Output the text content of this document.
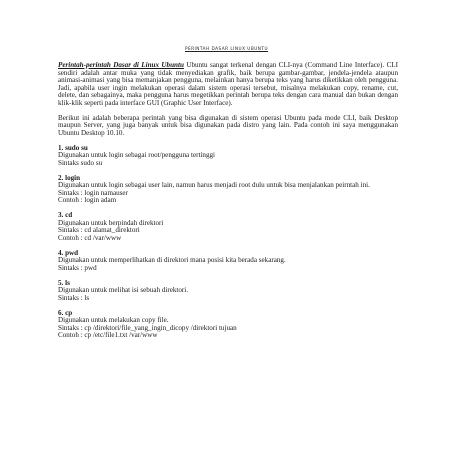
PERINTAH DASAR LINUX UBUNTU

Perintah-perintah Dasar di Linux Ubuntu Ubuntu sangat terkenal dengan CLI-nya (Command Line Interface). CLI sendiri adalah antar muka yang tidak menyediakan grafik, baik berupa gambar-gambar, jendela-jendela ataupun animasi-animasi yang bisa memanjakan pengguna, melainkan hanya berupa teks yang harus diketikkan oleh pengguna. Jadi, apabila user ingin melakukan operasi dalam sistem operasi tersebut, misalnya melakukan copy, rename, cut, delete, dan sebagainya, maka pengguna harus megetikkan perintah berupa teks dengan cara manual dan bukan dengan klik-klik seperti pada interface GUI (Graphic User Interface).

Berikut ini adalah beberapa perintah yang bisa digunakan di sistem operasi Ubuntu pada mode CLI, baik Desktop maupun Server, yang juga banyak untuk bisa digunakan pada distro yang lain. Pada contoh ini saya menggunakan Ubuntu Desktop 10.10.

1. sudo su
Digunakan untuk login sebagai root/pengguna tertinggi
Sintaks sudo su
2. login
Digunakan untuk login sebagai user lain, namun harus menjadi root dulu untuk bisa menjalankan peirntah ini.
Sintaks : login namauser
Contoh : login adam
3. cd
Digunakan untuk berpindah direktori
Sintaks : cd alamat_direktori
Contoh : cd /var/www
4. pwd
Digunakan untuk memperlihatkan di direktori mana posisi kita berada sekarang.
Sintaks : pwd
5. ls
Digunakan untuk melihat isi sebuah direktori.
Sintaks : ls
6. cp
Digunakan untuk melakukan copy file.
Sintaks : cp /direktori/file_yang_ingin_dicopy /direktori tujuan
Contoh : cp /etc/file1.txt /var/www
